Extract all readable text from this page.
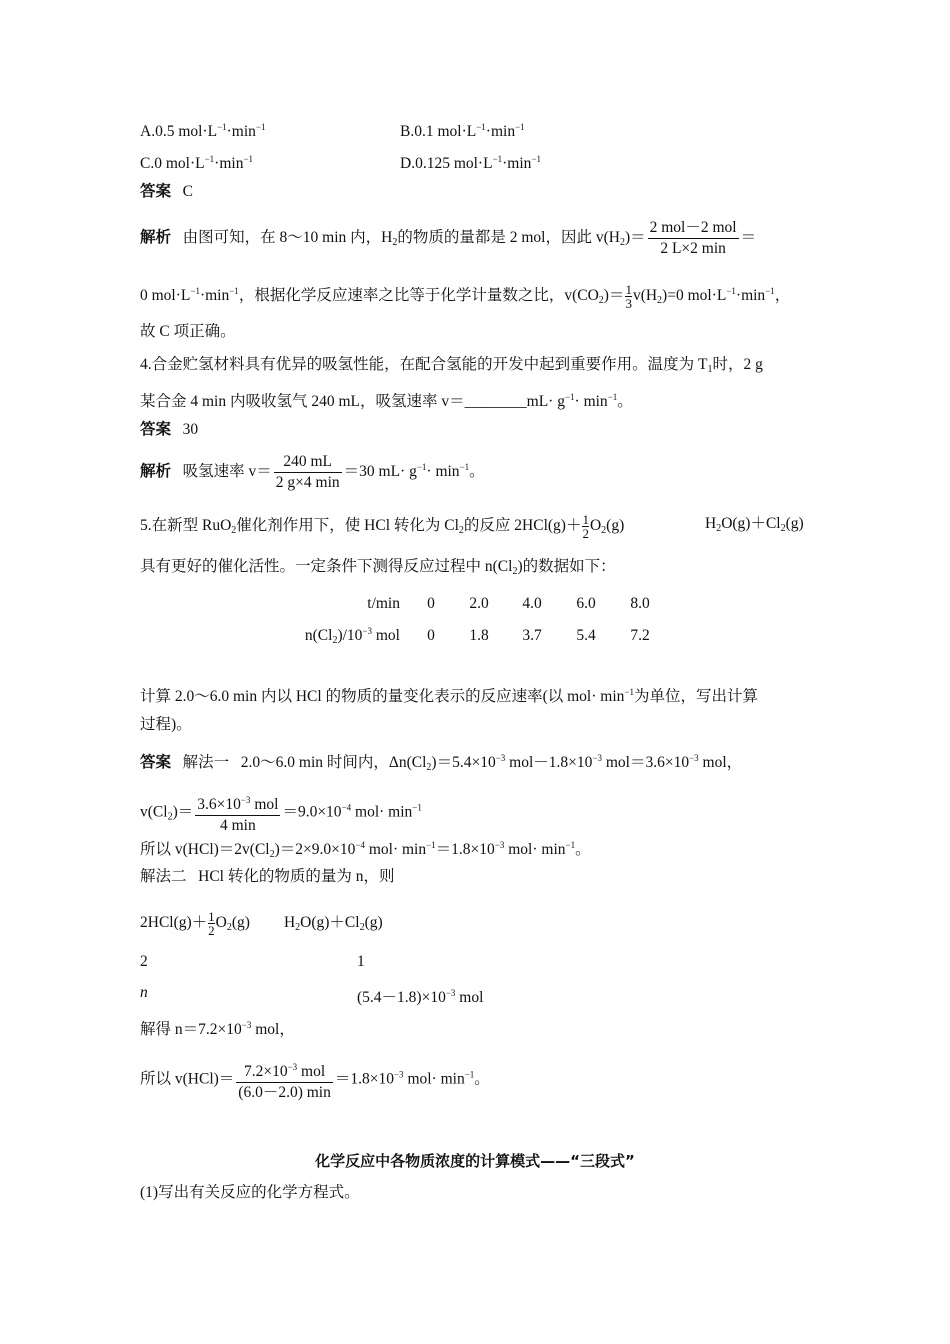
A.0.5 $mol\cdot L^{-1}\cdot\min^{-1}$	B.0.1 $mol\cdot L^{-1}\cdot\min^{-1}$
C.0 $mol\cdot L^{-1}\cdot\min^{-1}$	D.0.125 $mol\cdot L^{-1}\cdot\min^{-1}$
答案 C
解析 由图可知，在 8～10 min 内，$H_2$的物质的量都是 2 mol，因此 $v(H_2)= \frac{\text{2 mol－2 mol}}{2 L\times 2 \min}$ ＝
0 $mol\cdot L^{-1}\cdot\min^{-1}$，根据化学反应速率之比等于化学计量数之比，$v(CO_2)= \frac{1}{3} v(H_2)=0$ $mol\cdot L^{-1}\cdot\min^{-1}$，
故 C 项正确。
4.合金贮氢材料具有优异的吸氢性能，在配合氢能的开发中起到重要作用。温度为 $T_1$时，2 g
某合金 4 min 内吸收氢气 240 mL，吸氢速率 v＝________mL· $g^{-1}\cdot \min^{-1}$。
答案 30
解析 吸氢速率 $v= \frac{240 mL}{2 g\times 4 \min} =30$ $mL\cdot g^{-1}\cdot \min^{-1}$。
5.在新型 RuO$_2$催化剂作用下，使 HCl 转化为 $Cl_2$的反应 $2HCl(g)+ \frac{1}{2} O_2(g)$	$H_2O(g)+Cl_2(g)$
具有更好的催化活性。一定条件下测得反应过程中 $n(Cl_2)$的数据如下：
t/min	0	2.0	4.0	6.0	8.0
$n(Cl_2)/10^{-3}$ mol	0	1.8	3.7	5.4	7.2
计算 2.0～6.0 min 内以 HCl 的物质的量变化表示的反应速率(以 $mol\cdot \min^{-1}$为单位，写出计算
过程)。
答案 解法一 2.0～6.0 min 时间内，$\Delta n(Cl_2)=5.4\times 10^{-3}$ $mol-1.8\times 10^{-3}$ $mol=3.6\times 10^{-3}$ mol，
$v(Cl_2)= \frac{3.6\times 10^{-3} mol}{4 \min} =9.0\times 10^{-4}$ $mol\cdot \min^{-1}$
所以 $v(HCl)=2v(Cl_2)=2\times 9.0\times 10^{-4}$ $mol\cdot \min^{-1}=1.8\times 10^{-3}$ $mol\cdot \min^{-1}$。
解法二 HCl 转化的物质的量为 n，则
$2HCl(g)+ \frac{1}{2} O_2(g)$ $H_2O(g)+Cl_2(g)$
2	1
n	$(5.4-1.8)\times 10^{-3}$ mol
解得 $n=7.2\times 10^{-3}$ mol，
所以 $v(HCl)= \frac{7.2\times 10^{-3} mol}{(6.0-2.0) \min} =1.8\times 10^{-3}$ $mol\cdot \min^{-1}$。
化学反应中各物质浓度的计算模式——“三段式”
(1)写出有关反应的化学方程式。
